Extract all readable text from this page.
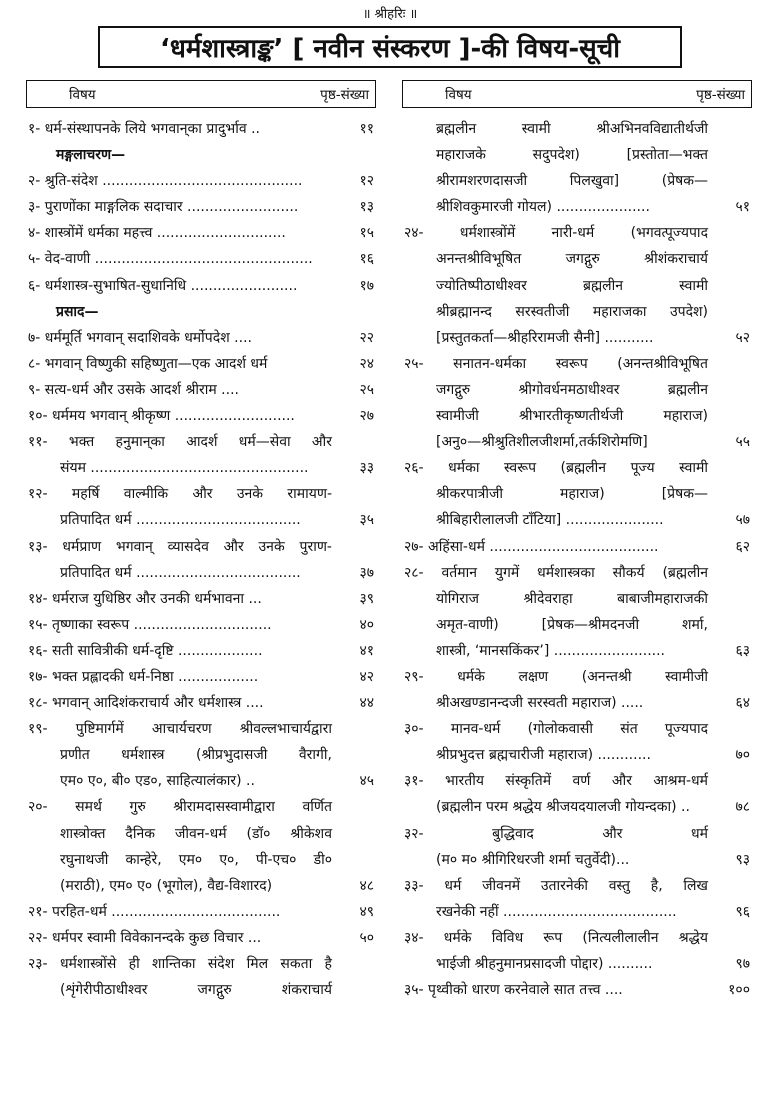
॥ श्रीहरिः ॥
‘धर्मशास्त्राङ्क’ [ नवीन संस्करण ]-की विषय-सूची
विषय	पृष्ठ-संख्या
१- धर्म-संस्थापनके लिये भगवान्‌का प्रादुर्भाव ..	११
मङ्गलाचरण—
२- श्रुति-संदेश .............................................	१२
३- पुराणोंका माङ्गलिक सदाचार .........................	१३
४- शास्त्रोंमें धर्मका महत्त्व .............................	१५
५- वेद-वाणी .................................................	१६
६- धर्मशास्त्र-सुभाषित-सुधानिधि ........................	१७
प्रसाद—
७- धर्ममूर्ति भगवान् सदाशिवके धर्मोपदेश ....	२२
८- भगवान् विष्णुकी सहिष्णुता—एक आदर्श धर्म	२४
९- सत्य-धर्म और उसके आदर्श श्रीराम ....	२५
१०- धर्ममय भगवान् श्रीकृष्ण ...........................	२७
११- भक्त हनुमान्‌का आदर्श धर्म—सेवा और
संयम .................................................	३३
१२- महर्षि वाल्मीकि और उनके रामायण-
प्रतिपादित धर्म .....................................	३५
१३- धर्मप्राण भगवान् व्यासदेव और उनके पुराण-
प्रतिपादित धर्म .....................................	३७
१४- धर्मराज युधिष्ठिर और उनकी धर्मभावना ...	३९
१५- तृष्णाका स्वरूप ...............................	४०
१६- सती सावित्रीकी धर्म-दृष्टि ...................	४१
१७- भक्त प्रह्लादकी धर्म-निष्ठा ..................	४२
१८- भगवान् आदिशंकराचार्य और धर्मशास्त्र ....	४४
१९- पुष्टिमार्गमें आचार्यचरण श्रीवल्लभाचार्यद्वारा
प्रणीत धर्मशास्त्र (श्रीप्रभुदासजी वैरागी,
एम० ए०, बी० एड०, साहित्यालंकार) ..	४५
२०- समर्थ गुरु श्रीरामदासस्वामीद्वारा वर्णित
शास्त्रोक्त दैनिक जीवन-धर्म (डॉ० श्रीकेशव
रघुनाथजी कान्हेरे, एम० ए०, पी-एच० डी०
(मराठी), एम० ए० (भूगोल), वैद्य-विशारद)	४८
२१- परहित-धर्म ......................................	४९
२२- धर्मपर स्वामी विवेकानन्दके कुछ विचार ...	५०
२३- धर्मशास्त्रोंसे ही शान्तिका संदेश मिल सकता है
(शृंगेरीपीठाधीश्वर जगद्गुरु शंकराचार्य
विषय	पृष्ठ-संख्या
ब्रह्मलीन स्वामी श्रीअभिनवविद्यातीर्थजी
महाराजके सदुपदेश) [प्रस्तोता—भक्त
श्रीरामशरणदासजी पिलखुवा] (प्रेषक—
श्रीशिवकुमारजी गोयल) .....................	५१
२४- धर्मशास्त्रोंमें नारी-धर्म (भगवत्पूज्यपाद
अनन्तश्रीविभूषित जगद्गुरु श्रीशंकराचार्य
ज्योतिष्पीठाधीश्वर ब्रह्मलीन स्वामी
श्रीब्रह्मानन्द सरस्वतीजी महाराजका उपदेश)
[प्रस्तुतकर्ता—श्रीहरिरामजी सैनी] ...........	५२
२५- सनातन-धर्मका स्वरूप (अनन्तश्रीविभूषित
जगद्गुरु श्रीगोवर्धनमठाधीश्वर ब्रह्मलीन
स्वामीजी श्रीभारतीकृष्णतीर्थजी महाराज)
[अनु०—श्रीश्रुतिशीलजीशर्मा,तर्कशिरोमणि]	५५
२६- धर्मका स्वरूप (ब्रह्मलीन पूज्य स्वामी
श्रीकरपात्रीजी महाराज) [प्रेषक—
श्रीबिहारीलालजी टाँटिया] ......................	५७
२७- अहिंसा-धर्म ......................................	६२
२८- वर्तमान युगमें धर्मशास्त्रका सौकर्य (ब्रह्मलीन
योगिराज श्रीदेवराहा बाबाजीमहाराजकी
अमृत-वाणी) [प्रेषक—श्रीमदनजी शर्मा,
शास्त्री, ‘मानसकिंकर’] .........................	६३
२९- धर्मके लक्षण (अनन्तश्री स्वामीजी
श्रीअखण्डानन्दजी सरस्वती महाराज) .....	६४
३०- मानव-धर्म (गोलोकवासी संत पूज्यपाद
श्रीप्रभुदत्त ब्रह्मचारीजी महाराज) ............	७०
३१- भारतीय संस्कृतिमें वर्ण और आश्रम-धर्म
(ब्रह्मलीन परम श्रद्धेय श्रीजयदयालजी गोयन्दका) ..	७८
३२- बुद्धिवाद और धर्म
(म० म० श्रीगिरिधरजी शर्मा चतुर्वेदी)...	९३
३३- धर्म जीवनमें उतारनेकी वस्तु है, लिख
रखनेकी नहीं .......................................	९६
३४- धर्मके विविध रूप (नित्यलीलालीन श्रद्धेय
भाईजी श्रीहनुमानप्रसादजी पोद्दार) ..........	९७
३५- पृथ्वीको धारण करनेवाले सात तत्त्व ....	१००
